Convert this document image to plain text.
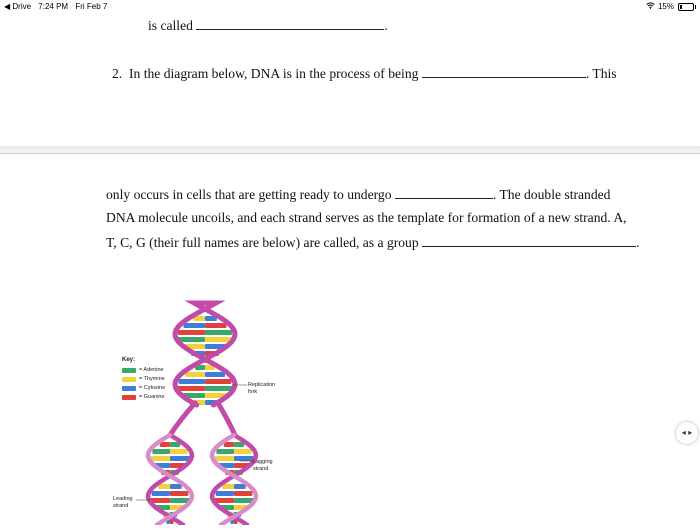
◀ Drive 7:24 PM Fri Feb 7	15%
is called	.
2. In the diagram below, DNA is in the process of being	. This
only occurs in cells that are getting ready to undergo	. The double stranded
DNA molecule uncoils, and each strand serves as the template for formation of a new strand. A,
T, C, G (their full names are below) are called, as a group	.
Key:
= Adenine
= Thymine
= Cytosine
= Guanine
Replication
fork
Lagging
strand
Leading
strand
◂ ▸
